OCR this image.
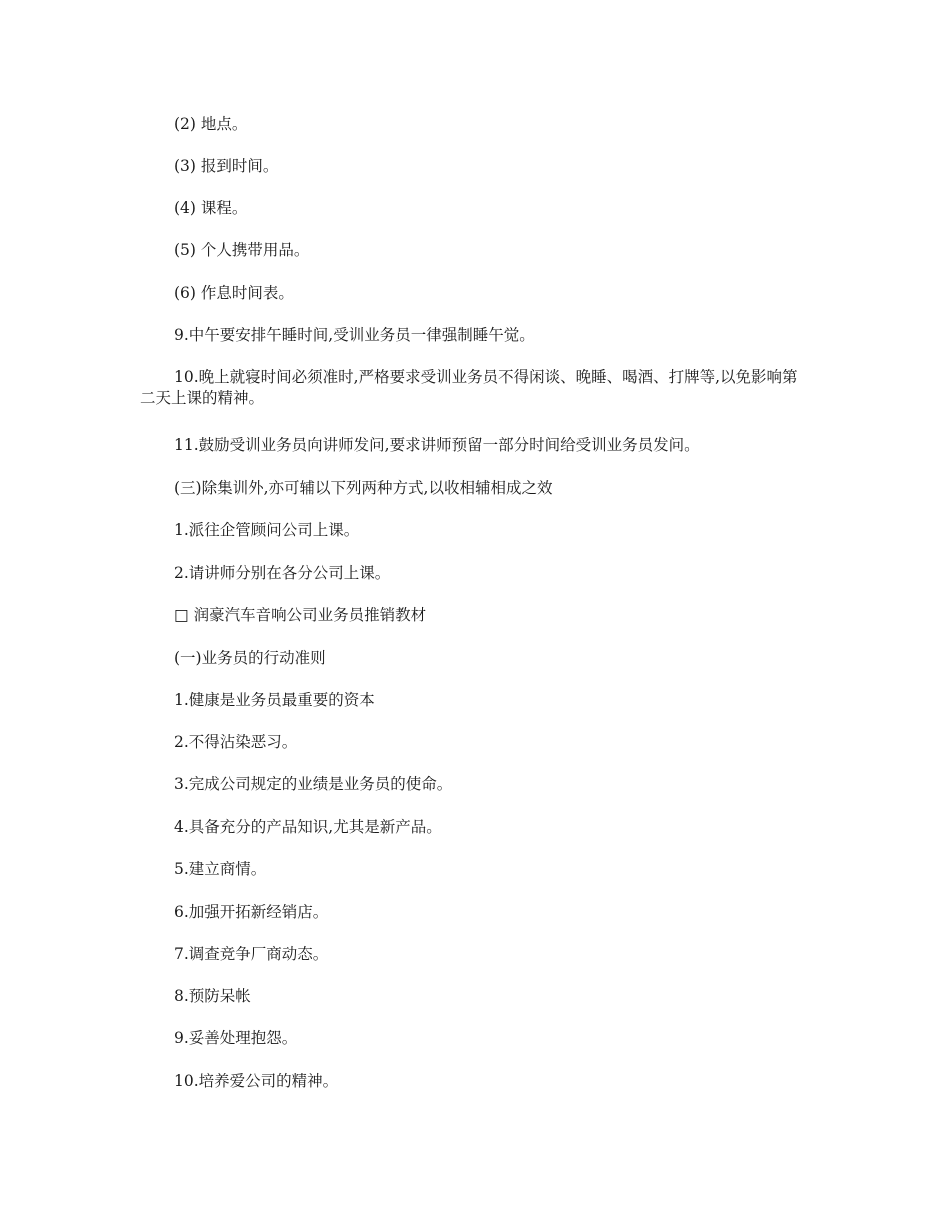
(2) 地点。

(3) 报到时间。

(4) 课程。

(5) 个人携带用品。

(6) 作息时间表。

9.中午要安排午睡时间,受训业务员一律强制睡午觉。

10.晚上就寝时间必须准时,严格要求受训业务员不得闲谈、晚睡、喝酒、打牌等,以免影响第二天上课的精神。

11.鼓励受训业务员向讲师发问,要求讲师预留一部分时间给受训业务员发问。

(三)除集训外,亦可辅以下列两种方式,以收相辅相成之效

1.派往企管顾问公司上课。

2.请讲师分别在各分公司上课。

□ 润豪汽车音响公司业务员推销教材

(一)业务员的行动准则

1.健康是业务员最重要的资本

2.不得沾染恶习。

3.完成公司规定的业绩是业务员的使命。

4.具备充分的产品知识,尤其是新产品。

5.建立商情。

6.加强开拓新经销店。

7.调查竞争厂商动态。

8.预防呆帐

9.妥善处理抱怨。

10.培养爱公司的精神。
